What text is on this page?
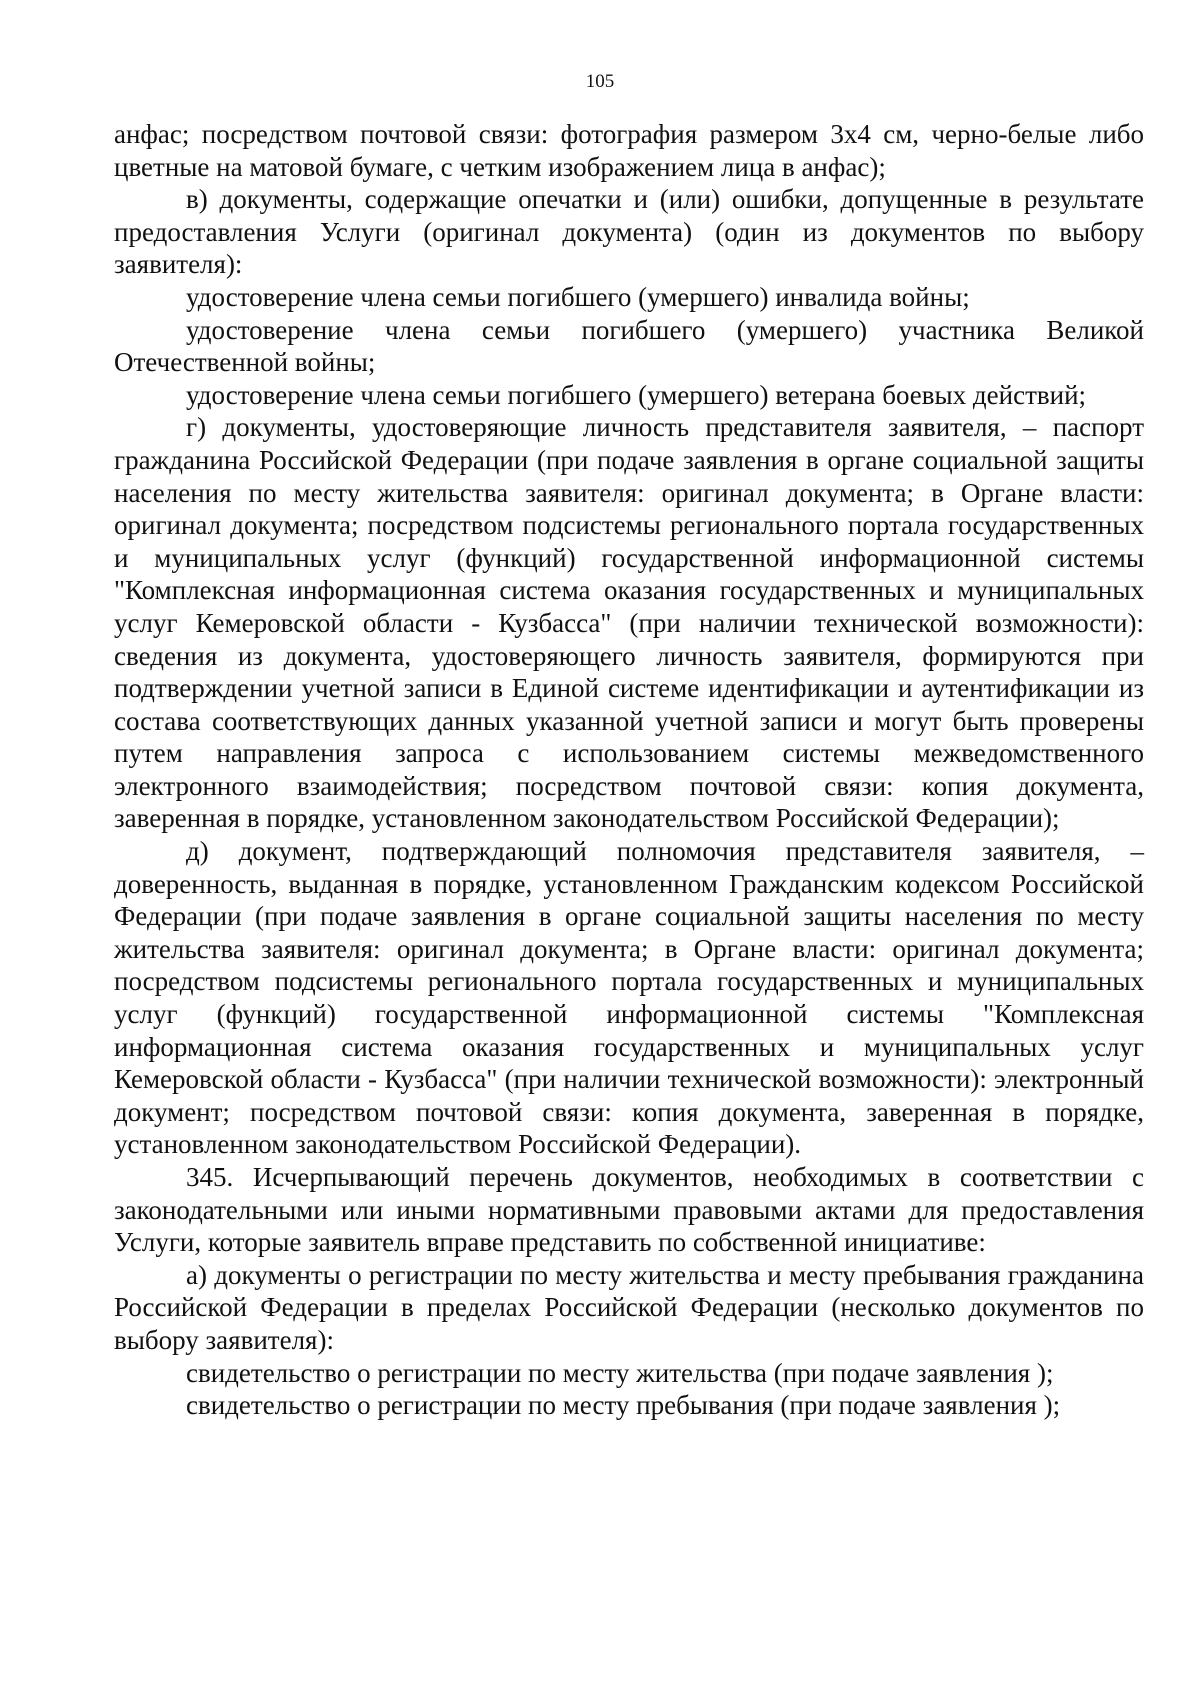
105

анфас; посредством почтовой связи: фотография размером 3х4 см, черно-белые либо цветные на матовой бумаге, с четким изображением лица в анфас);

в) документы, содержащие опечатки и (или) ошибки, допущенные в результате предоставления Услуги (оригинал документа) (один из документов по выбору заявителя):

удостоверение члена семьи погибшего (умершего) инвалида войны;

удостоверение члена семьи погибшего (умершего) участника Великой Отечественной войны;

удостоверение члена семьи погибшего (умершего) ветерана боевых действий;

г) документы, удостоверяющие личность представителя заявителя, – паспорт гражданина Российской Федерации (при подаче заявления в органе социальной защиты населения по месту жительства заявителя: оригинал документа; в Органе власти: оригинал документа; посредством подсистемы регионального портала государственных и муниципальных услуг (функций) государственной информационной системы "Комплексная информационная система оказания государственных и муниципальных услуг Кемеровской области - Кузбасса" (при наличии технической возможности): сведения из документа, удостоверяющего личность заявителя, формируются при подтверждении учетной записи в Единой системе идентификации и аутентификации из состава соответствующих данных указанной учетной записи и могут быть проверены путем направления запроса с использованием системы межведомственного электронного взаимодействия; посредством почтовой связи: копия документа, заверенная в порядке, установленном законодательством Российской Федерации);

д) документ, подтверждающий полномочия представителя заявителя, – доверенность, выданная в порядке, установленном Гражданским кодексом Российской Федерации (при подаче заявления в органе социальной защиты населения по месту жительства заявителя: оригинал документа; в Органе власти: оригинал документа; посредством подсистемы регионального портала государственных и муниципальных услуг (функций) государственной информационной системы "Комплексная информационная система оказания государственных и муниципальных услуг Кемеровской области - Кузбасса" (при наличии технической возможности): электронный документ; посредством почтовой связи: копия документа, заверенная в порядке, установленном законодательством Российской Федерации).

345. Исчерпывающий перечень документов, необходимых в соответствии с законодательными или иными нормативными правовыми актами для предоставления Услуги, которые заявитель вправе представить по собственной инициативе:

а) документы о регистрации по месту жительства и месту пребывания гражданина Российской Федерации в пределах Российской Федерации (несколько документов по выбору заявителя):

свидетельство о регистрации по месту жительства (при подаче заявления );

свидетельство о регистрации по месту пребывания (при подаче заявления );
